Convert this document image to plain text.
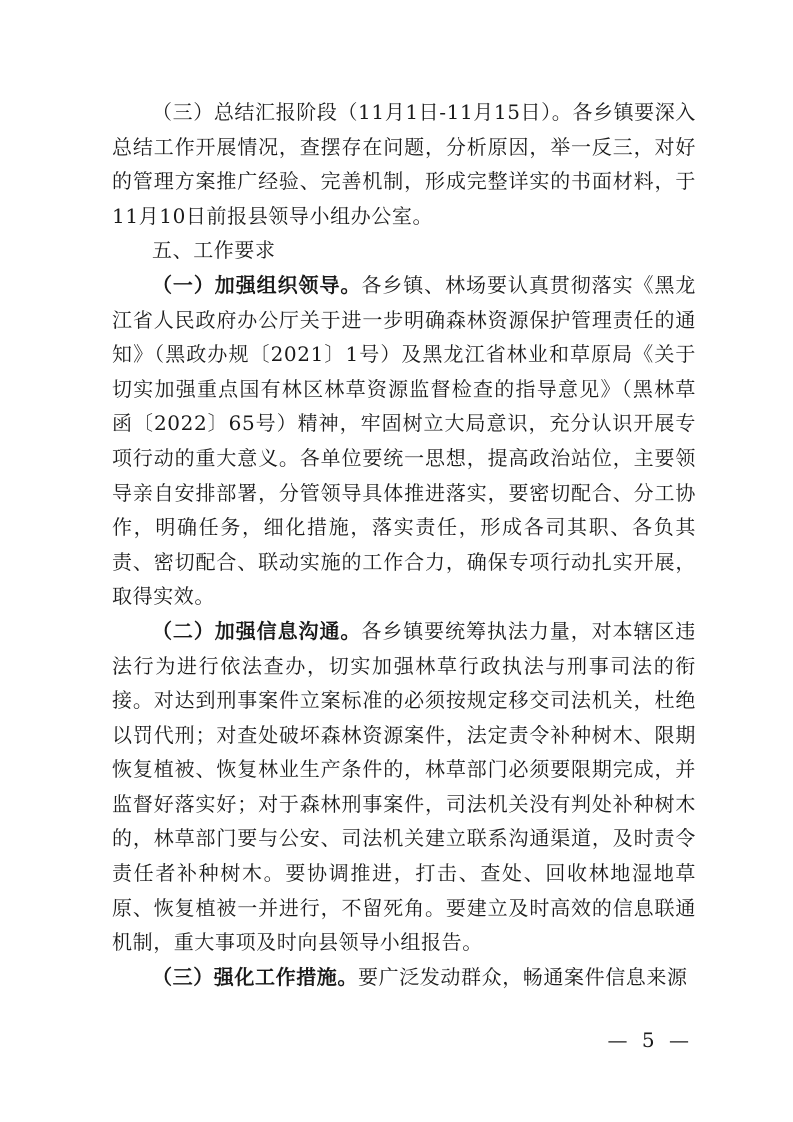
（三）总结汇报阶段（11月1日-11月15日）。各乡镇要深入总结工作开展情况，查摆存在问题，分析原因，举一反三，对好的管理方案推广经验、完善机制，形成完整详实的书面材料，于11月10日前报县领导小组办公室。

五、工作要求

（一）加强组织领导。各乡镇、林场要认真贯彻落实《黑龙江省人民政府办公厅关于进一步明确森林资源保护管理责任的通知》（黑政办规〔2021〕1号）及黑龙江省林业和草原局《关于切实加强重点国有林区林草资源监督检查的指导意见》（黑林草函〔2022〕65号）精神，牢固树立大局意识，充分认识开展专项行动的重大意义。各单位要统一思想，提高政治站位，主要领导亲自安排部署，分管领导具体推进落实，要密切配合、分工协作，明确任务，细化措施，落实责任，形成各司其职、各负其责、密切配合、联动实施的工作合力，确保专项行动扎实开展，取得实效。

（二）加强信息沟通。各乡镇要统筹执法力量，对本辖区违法行为进行依法查办，切实加强林草行政执法与刑事司法的衔接。对达到刑事案件立案标准的必须按规定移交司法机关，杜绝以罚代刑；对查处破坏森林资源案件，法定责令补种树木、限期恢复植被、恢复林业生产条件的，林草部门必须要限期完成，并监督好落实好；对于森林刑事案件，司法机关没有判处补种树木的，林草部门要与公安、司法机关建立联系沟通渠道，及时责令责任者补种树木。要协调推进，打击、查处、回收林地湿地草原、恢复植被一并进行，不留死角。要建立及时高效的信息联通机制，重大事项及时向县领导小组报告。

（三）强化工作措施。要广泛发动群众，畅通案件信息来源

— 5 —
